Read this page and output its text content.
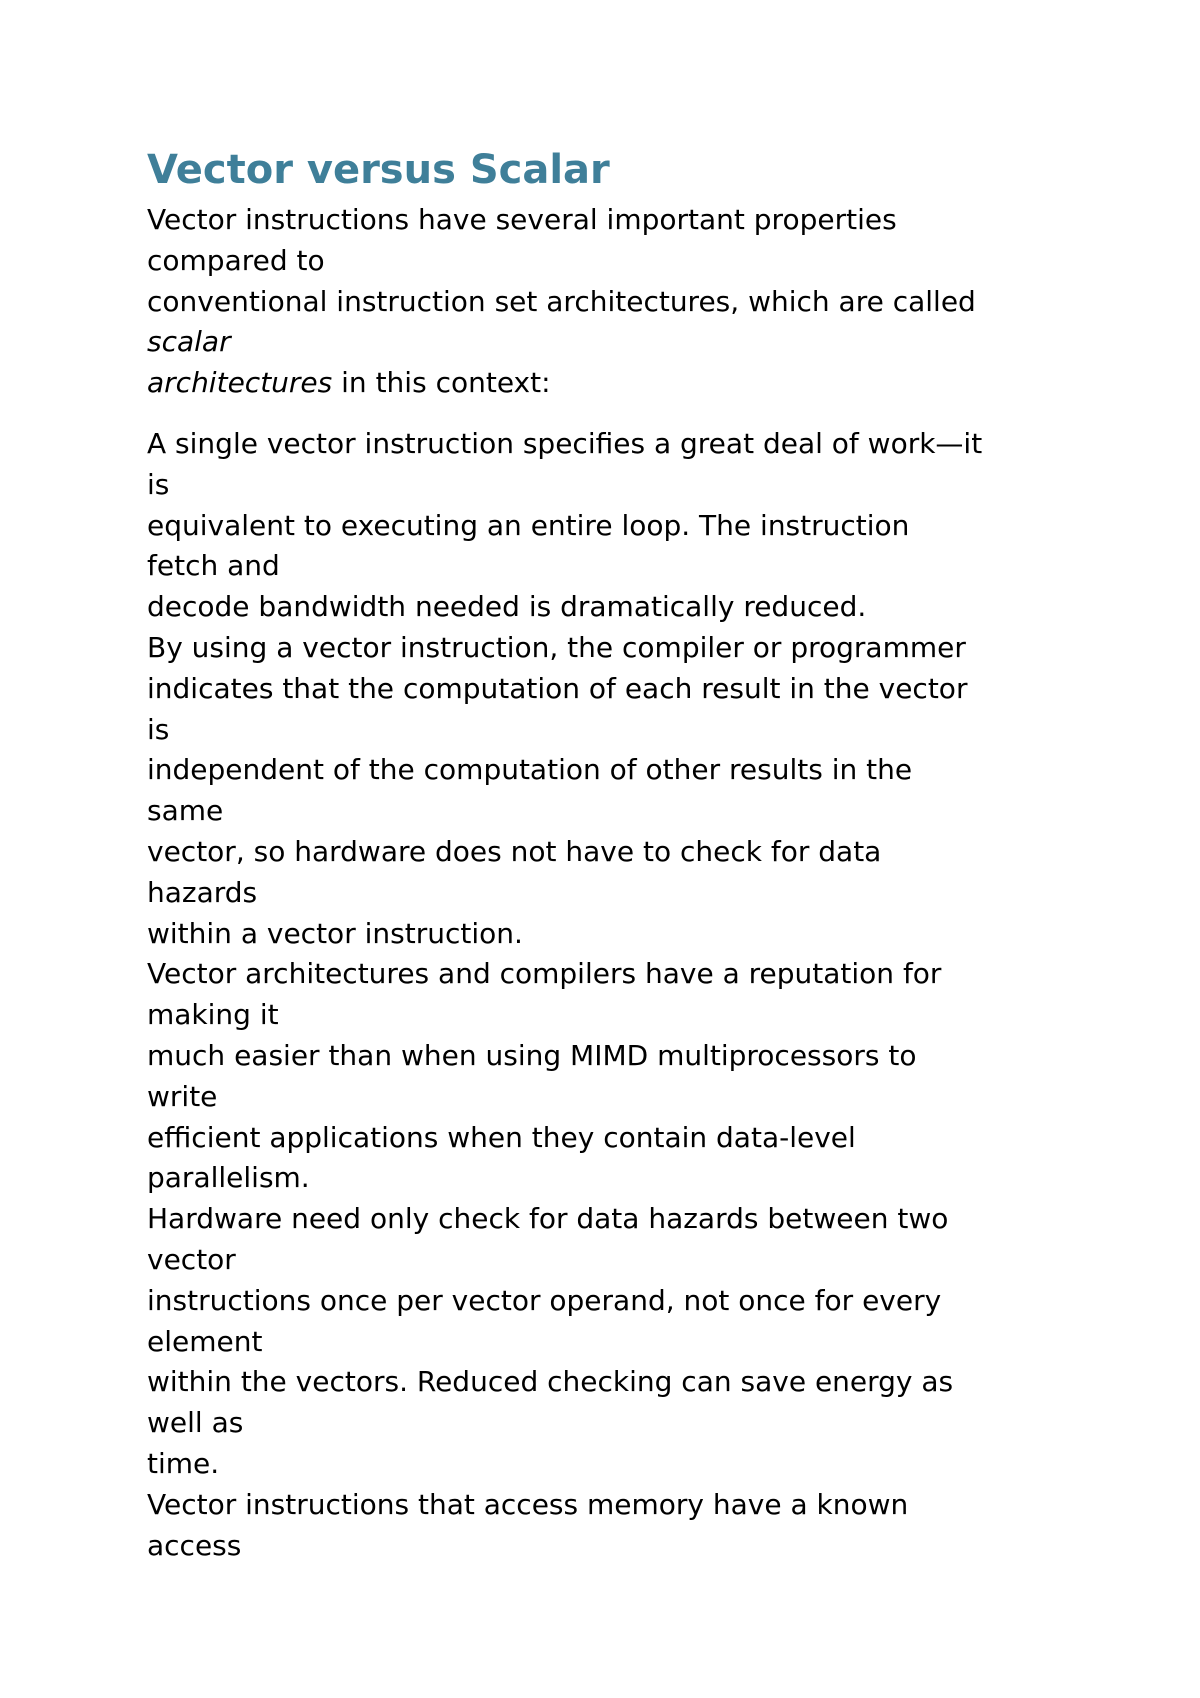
Vector versus Scalar

Vector instructions have several important properties

compared to

conventional instruction set architectures, which are called

scalar

architectures in this context:

A single vector instruction specifies a great deal of work—it

is

equivalent to executing an entire loop. The instruction

fetch and

decode bandwidth needed is dramatically reduced.

By using a vector instruction, the compiler or programmer

indicates that the computation of each result in the vector

is

independent of the computation of other results in the

same

vector, so hardware does not have to check for data

hazards

within a vector instruction.

Vector architectures and compilers have a reputation for

making it

much easier than when using MIMD multiprocessors to

write

efficient applications when they contain data-level

parallelism.

Hardware need only check for data hazards between two

vector

instructions once per vector operand, not once for every

element

within the vectors. Reduced checking can save energy as

well as

time.

Vector instructions that access memory have a known

access
